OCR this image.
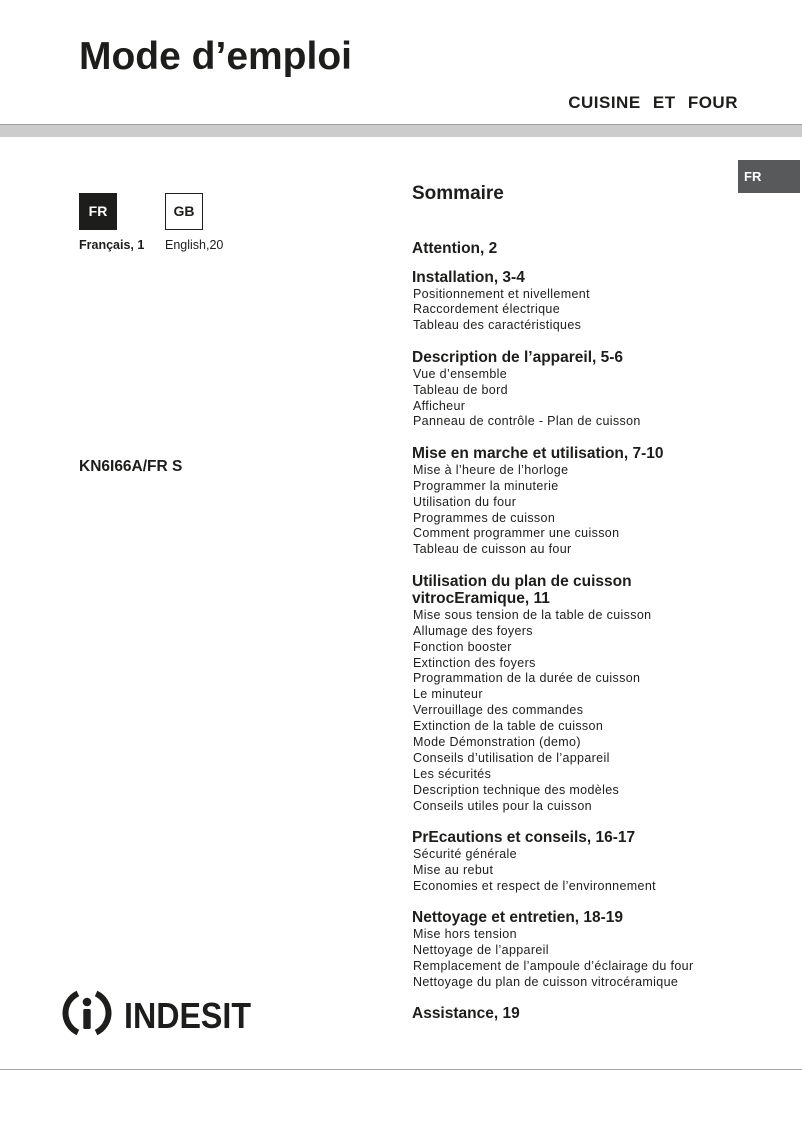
Mode d’emploi
CUISINE ET FOUR
FR
FR	GB
Français, 1 English,20
KN6I66A/FR S
INDESIT
Sommaire
Attention, 2
Installation, 3-4
Positionnement et nivellement
Raccordement électrique
Tableau des caractéristiques
Description de l’appareil, 5-6
Vue d’ensemble
Tableau de bord
Afficheur
Panneau de contrôle - Plan de cuisson
Mise en marche et utilisation, 7-10
Mise à l’heure de l’horloge
Programmer la minuterie
Utilisation du four
Programmes de cuisson
Comment programmer une cuisson
Tableau de cuisson au four
Utilisation du plan de cuisson
vitrocEramique, 11
Mise sous tension de la table de cuisson
Allumage des foyers
Fonction booster
Extinction des foyers
Programmation de la durée de cuisson
Le minuteur
Verrouillage des commandes
Extinction de la table de cuisson
Mode Démonstration (demo)
Conseils d’utilisation de l’appareil
Les sécurités
Description technique des modèles
Conseils utiles pour la cuisson
PrEcautions et conseils, 16-17
Sécurité générale
Mise au rebut
Economies et respect de l’environnement
Nettoyage et entretien, 18-19
Mise hors tension
Nettoyage de l’appareil
Remplacement de l’ampoule d’éclairage du four
Nettoyage du plan de cuisson vitrocéramique
Assistance, 19
